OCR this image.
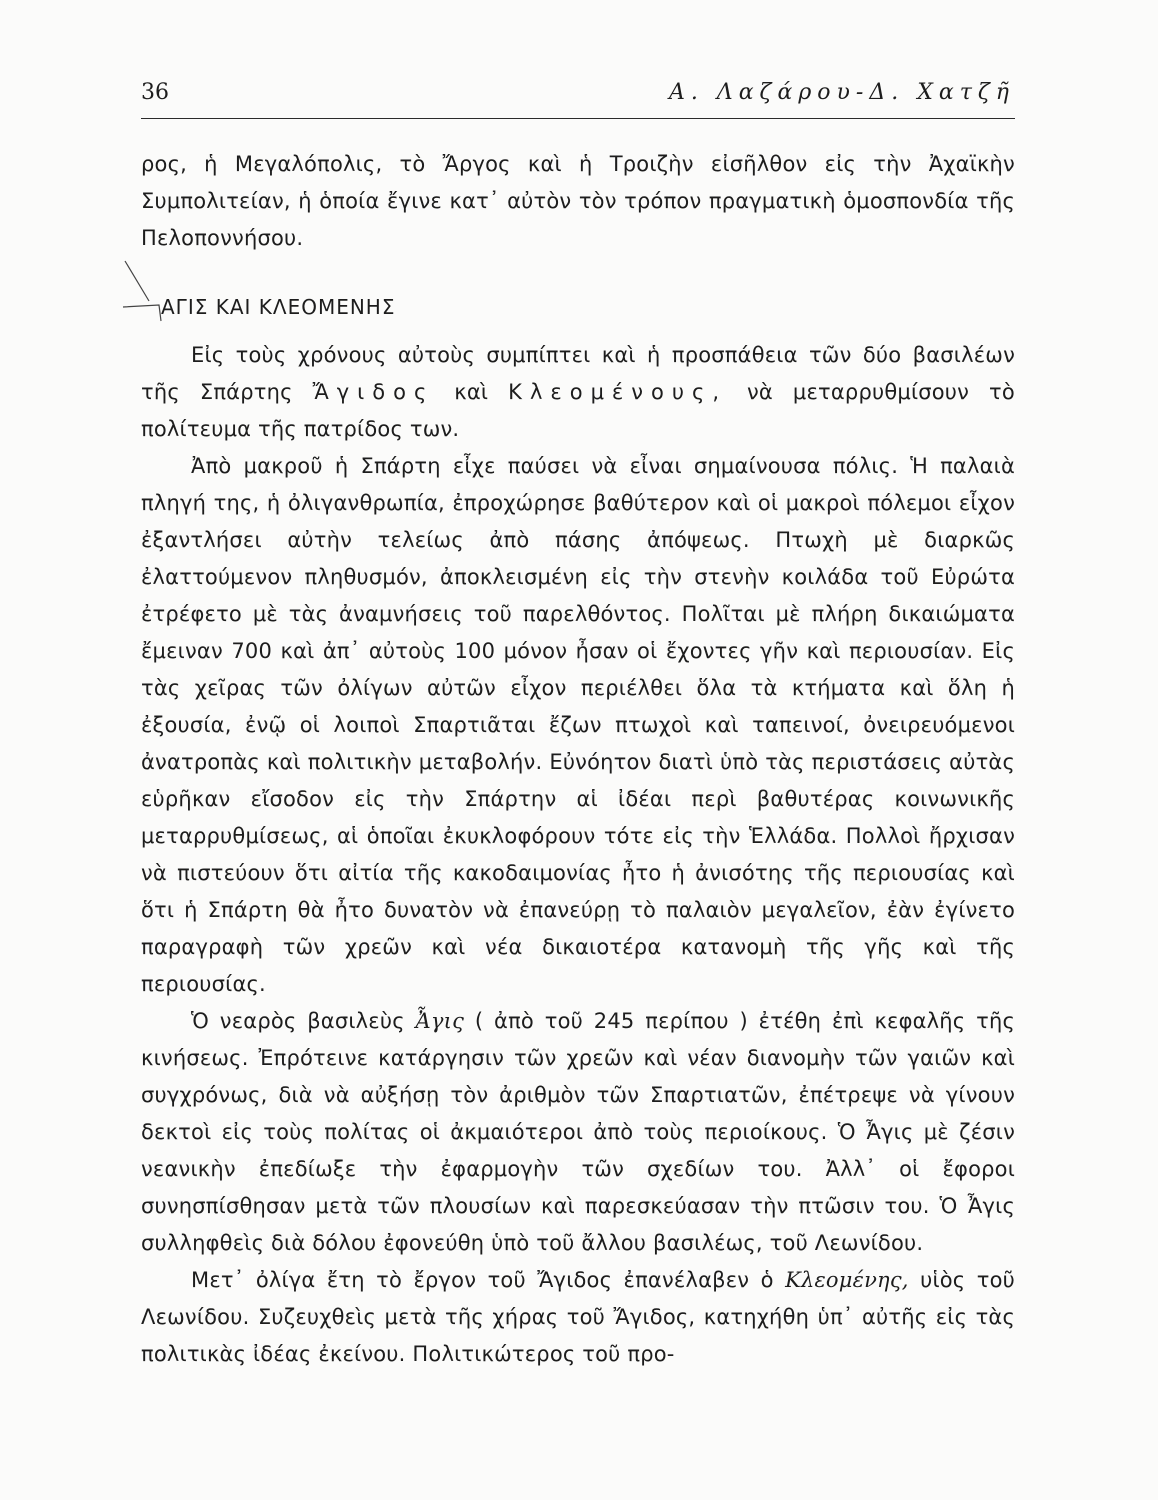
36	Α. Λαζάρου-Δ. Χατζῆ

ρος, ἡ Μεγαλόπολις, τὸ Ἄργος καὶ ἡ Τροιζὴν εἰσῆλθον εἰς τὴν Ἀχαϊκὴν Συμπολιτείαν, ἡ ὁποία ἔγινε κατ᾽ αὐτὸν τὸν τρόπον πραγματικὴ ὁμοσπονδία τῆς Πελοποννήσου.

ΑΓΙΣ ΚΑΙ ΚΛΕΟΜΕΝΗΣ

Εἰς τοὺς χρόνους αὐτοὺς συμπίπτει καὶ ἡ προσπάθεια τῶν δύο βασιλέων τῆς Σπάρτης Ἄγιδος καὶ Κλεομένους, νὰ μεταρρυθμίσουν τὸ πολίτευμα τῆς πατρίδος των.

Ἀπὸ μακροῦ ἡ Σπάρτη εἶχε παύσει νὰ εἶναι σημαίνουσα πόλις. Ἡ παλαιὰ πληγή της, ἡ ὀλιγανθρωπία, ἐπροχώρησε βαθύτερον καὶ οἱ μακροὶ πόλεμοι εἶχον ἐξαντλήσει αὐτὴν τελείως ἀπὸ πάσης ἀπόψεως. Πτωχὴ μὲ διαρκῶς ἐλαττούμενον πληθυσμόν, ἀποκλεισμένη εἰς τὴν στενὴν κοιλάδα τοῦ Εὐρώτα ἐτρέφετο μὲ τὰς ἀναμνήσεις τοῦ παρελθόντος. Πολῖται μὲ πλήρη δικαιώματα ἔμειναν 700 καὶ ἀπ᾽ αὐτοὺς 100 μόνον ἦσαν οἱ ἔχοντες γῆν καὶ περιουσίαν. Εἰς τὰς χεῖρας τῶν ὀλίγων αὐτῶν εἶχον περιέλθει ὅλα τὰ κτήματα καὶ ὅλη ἡ ἐξουσία, ἐνῷ οἱ λοιποὶ Σπαρτιᾶται ἔζων πτωχοὶ καὶ ταπεινοί, ὀνειρευόμενοι ἀνατροπὰς καὶ πολιτικὴν μεταβολήν. Εὐνόητον διατὶ ὑπὸ τὰς περιστάσεις αὐτὰς εὑρῆκαν εἴσοδον εἰς τὴν Σπάρτην αἱ ἰδέαι περὶ βαθυτέρας κοινωνικῆς μεταρρυθμίσεως, αἱ ὁποῖαι ἐκυκλοφόρουν τότε εἰς τὴν Ἑλλάδα. Πολλοὶ ἤρχισαν νὰ πιστεύουν ὅτι αἰτία τῆς κακοδαιμονίας ἦτο ἡ ἀνισότης τῆς περιουσίας καὶ ὅτι ἡ Σπάρτη θὰ ἦτο δυνατὸν νὰ ἐπανεύρῃ τὸ παλαιὸν μεγαλεῖον, ἐὰν ἐγίνετο παραγραφὴ τῶν χρεῶν καὶ νέα δικαιοτέρα κατανομὴ τῆς γῆς καὶ τῆς περιουσίας.

Ὁ νεαρὸς βασιλεὺς Ἆγις ( ἀπὸ τοῦ 245 περίπου ) ἐτέθη ἐπὶ κεφαλῆς τῆς κινήσεως. Ἐπρότεινε κατάργησιν τῶν χρεῶν καὶ νέαν διανομὴν τῶν γαιῶν καὶ συγχρόνως, διὰ νὰ αὐξήσῃ τὸν ἀριθμὸν τῶν Σπαρτιατῶν, ἐπέτρεψε νὰ γίνουν δεκτοὶ εἰς τοὺς πολίτας οἱ ἀκμαιότεροι ἀπὸ τοὺς περιοίκους. Ὁ Ἆγις μὲ ζέσιν νεανικὴν ἐπεδίωξε τὴν ἐφαρμογὴν τῶν σχεδίων του. Ἀλλ᾽ οἱ ἔφοροι συνησπίσθησαν μετὰ τῶν πλουσίων καὶ παρεσκεύασαν τὴν πτῶσιν του. Ὁ Ἆγις συλληφθεὶς διὰ δόλου ἐφονεύθη ὑπὸ τοῦ ἄλλου βασιλέως, τοῦ Λεωνίδου.

Μετ᾽ ὀλίγα ἔτη τὸ ἔργον τοῦ Ἄγιδος ἐπανέλαβεν ὁ Κλεομένης, υἱὸς τοῦ Λεωνίδου. Συζευχθεὶς μετὰ τῆς χήρας τοῦ Ἄγιδος, κατηχήθη ὑπ᾽ αὐτῆς εἰς τὰς πολιτικὰς ἰδέας ἐκείνου. Πολιτικώτερος τοῦ προ-
